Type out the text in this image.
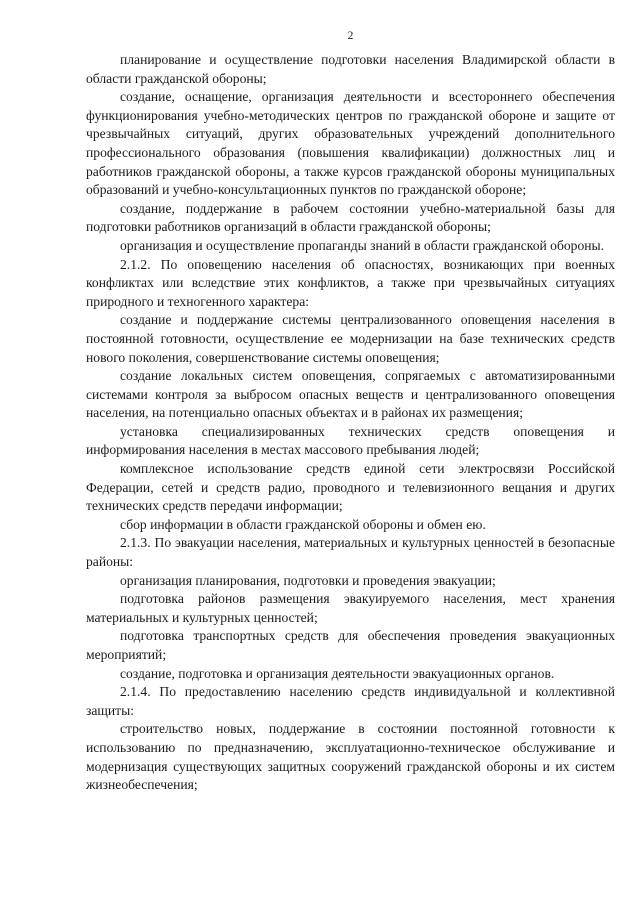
2

планирование и осуществление подготовки населения Владимирской области в области гражданской обороны;

создание, оснащение, организация деятельности и всестороннего обеспечения функционирования учебно-методических центров по гражданской обороне и защите от чрезвычайных ситуаций, других образовательных учреждений дополнительного профессионального образования (повышения квалификации) должностных лиц и работников гражданской обороны, а также курсов гражданской обороны муниципальных образований и учебно-консультационных пунктов по гражданской обороне;

создание, поддержание в рабочем состоянии учебно-материальной базы для подготовки работников организаций в области гражданской обороны;

организация и осуществление пропаганды знаний в области гражданской обороны.

2.1.2. По оповещению населения об опасностях, возникающих при военных конфликтах или вследствие этих конфликтов, а также при чрезвычайных ситуациях природного и техногенного характера:

создание и поддержание системы централизованного оповещения населения в постоянной готовности, осуществление ее модернизации на базе технических средств нового поколения, совершенствование системы оповещения;

создание локальных систем оповещения, сопрягаемых с автоматизированными системами контроля за выбросом опасных веществ и централизованного оповещения населения, на потенциально опасных объектах и в районах их размещения;

установка специализированных технических средств оповещения и информирования населения в местах массового пребывания людей;

комплексное использование средств единой сети электросвязи Российской Федерации, сетей и средств радио, проводного и телевизионного вещания и других технических средств передачи информации;

сбор информации в области гражданской обороны и обмен ею.

2.1.3. По эвакуации населения, материальных и культурных ценностей в безопасные районы:

организация планирования, подготовки и проведения эвакуации;

подготовка районов размещения эвакуируемого населения, мест хранения материальных и культурных ценностей;

подготовка транспортных средств для обеспечения проведения эвакуационных мероприятий;

создание, подготовка и организация деятельности эвакуационных органов.

2.1.4. По предоставлению населению средств индивидуальной и коллективной защиты:

строительство новых, поддержание в состоянии постоянной готовности к использованию по предназначению, эксплуатационно-техническое обслуживание и модернизация существующих защитных сооружений гражданской обороны и их систем жизнеобеспечения;
